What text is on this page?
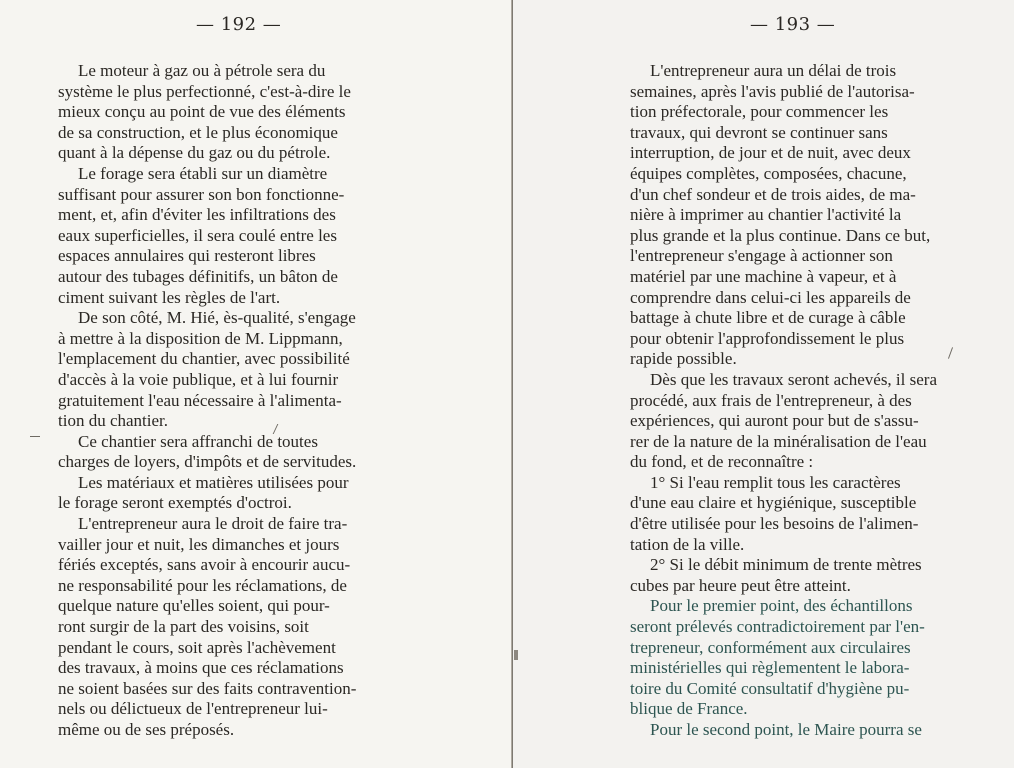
— 192 —

Le moteur à gaz ou à pétrole sera du
système le plus perfectionné, c'est-à-dire le
mieux conçu au point de vue des éléments
de sa construction, et le plus économique
quant à la dépense du gaz ou du pétrole.

Le forage sera établi sur un diamètre
suffisant pour assurer son bon fonctionne-
ment, et, afin d'éviter les infiltrations des
eaux superficielles, il sera coulé entre les
espaces annulaires qui resteront libres
autour des tubages définitifs, un bâton de
ciment suivant les règles de l'art.

De son côté, M. Hié, ès-qualité, s'engage
à mettre à la disposition de M. Lippmann,
l'emplacement du chantier, avec possibilité
d'accès à la voie publique, et à lui fournir
gratuitement l'eau nécessaire à l'alimenta-
tion du chantier.

Ce chantier sera affranchi de toutes
charges de loyers, d'impôts et de servitudes.

Les matériaux et matières utilisées pour
le forage seront exemptés d'octroi.

L'entrepreneur aura le droit de faire tra-
vailler jour et nuit, les dimanches et jours
fériés exceptés, sans avoir à encourir aucu-
ne responsabilité pour les réclamations, de
quelque nature qu'elles soient, qui pour-
ront surgir de la part des voisins, soit
pendant le cours, soit après l'achèvement
des travaux, à moins que ces réclamations
ne soient basées sur des faits contravention-
nels ou délictueux de l'entrepreneur lui-
même ou de ses préposés.

— 193 —

L'entrepreneur aura un délai de trois
semaines, après l'avis publié de l'autorisa-
tion préfectorale, pour commencer les
travaux, qui devront se continuer sans
interruption, de jour et de nuit, avec deux
équipes complètes, composées, chacune,
d'un chef sondeur et de trois aides, de ma-
nière à imprimer au chantier l'activité la
plus grande et la plus continue. Dans ce but,
l'entrepreneur s'engage à actionner son
matériel par une machine à vapeur, et à
comprendre dans celui-ci les appareils de
battage à chute libre et de curage à câble
pour obtenir l'approfondissement le plus
rapide possible.

Dès que les travaux seront achevés, il sera
procédé, aux frais de l'entrepreneur, à des
expériences, qui auront pour but de s'assu-
rer de la nature de la minéralisation de l'eau
du fond, et de reconnaître :

1° Si l'eau remplit tous les caractères
d'une eau claire et hygiénique, susceptible
d'être utilisée pour les besoins de l'alimen-
tation de la ville.

2° Si le débit minimum de trente mètres
cubes par heure peut être atteint.

Pour le premier point, des échantillons
seront prélevés contradictoirement par l'en-
trepreneur, conformément aux circulaires
ministérielles qui règlementent le labora-
toire du Comité consultatif d'hygiène pu-
blique de France.

Pour le second point, le Maire pourra se
